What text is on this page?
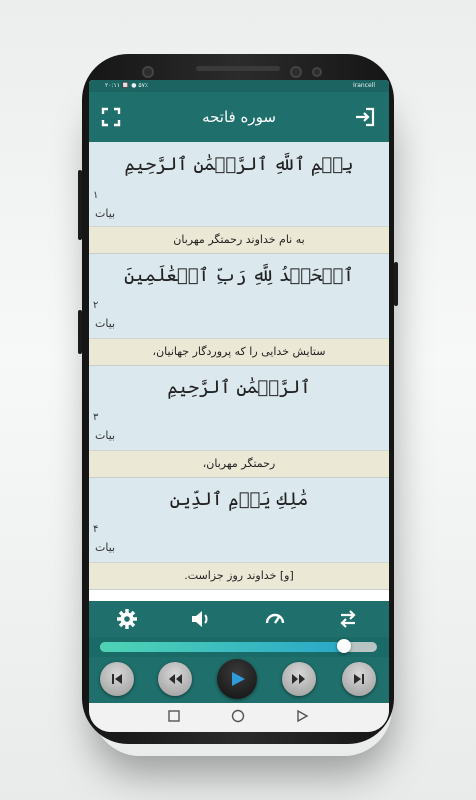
۲۰:۱۱ 🔲 ● ۵۷٪	Irancell
سوره فاتحه
بِسۡمِ ٱللَّهِ ٱلرَّحۡمَٰنِ ٱلرَّحِيمِ
۱
بیات
به نام خداوند رحمتگر مهربان
ٱلۡحَمۡدُ لِلَّهِ رَبِّ ٱلۡعَٰلَمِينَ
۲
بیات
ستایش خدایی را که پروردگار جهانیان،
ٱلرَّحۡمَٰنِ ٱلرَّحِيمِ
۳
بیات
رحمتگر مهربان،
مَٰلِكِ يَوۡمِ ٱلدِّينِ
۴
بیات
[و] خداوند روز جزاست.
